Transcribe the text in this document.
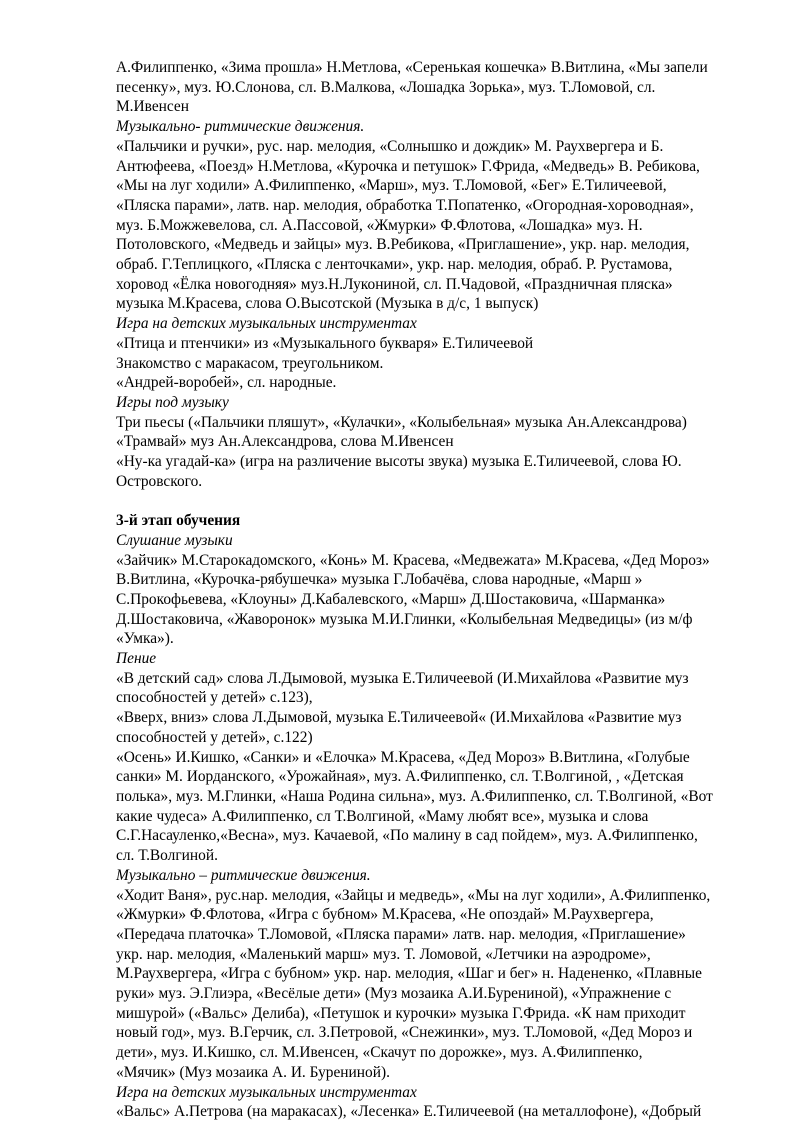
А.Филиппенко, «Зима прошла» Н.Метлова, «Серенькая кошечка» В.Витлина, «Мы запели
песенку», муз. Ю.Слонова, сл. В.Малкова, «Лошадка Зорька», муз. Т.Ломовой, сл.
М.Ивенсен
Музыкально- ритмические движения.
«Пальчики и ручки», рус. нар. мелодия, «Солнышко и дождик» М. Раухвергера и Б.
Антюфеева, «Поезд» Н.Метлова, «Курочка и петушок» Г.Фрида, «Медведь» В. Ребикова,
«Мы на луг ходили» А.Филиппенко, «Марш», муз. Т.Ломовой, «Бег» Е.Тиличеевой,
«Пляска парами», латв. нар. мелодия, обработка Т.Попатенко, «Огородная-хороводная»,
муз. Б.Можжевелова, сл. А.Пассовой, «Жмурки» Ф.Флотова, «Лошадка» муз. Н.
Потоловского, «Медведь и зайцы» муз. В.Ребикова, «Приглашение», укр. нар. мелодия,
обраб. Г.Теплицкого, «Пляска с ленточками», укр. нар. мелодия, обраб. Р. Рустамова,
хоровод «Ёлка новогодняя» муз.Н.Лукониной, сл. П.Чадовой, «Праздничная пляска»
музыка М.Красева, слова О.Высотской (Музыка в д/с, 1 выпуск)
Игра на детских музыкальных инструментах
«Птица и птенчики» из «Музыкального букваря» Е.Тиличеевой
Знакомство с маракасом, треугольником.
«Андрей-воробей», сл. народные.
Игры под музыку
Три пьесы («Пальчики пляшут», «Кулачки», «Колыбельная» музыка Ан.Александрова)
«Трамвай» муз Ан.Александрова, слова М.Ивенсен
«Ну-ка угадай-ка» (игра на различение высоты звука) музыка Е.Тиличеевой, слова Ю.
Островского.
3-й этап обучения
Слушание музыки
«Зайчик» М.Старокадомского, «Конь» М. Красева, «Медвежата» М.Красева, «Дед Мороз»
В.Витлина, «Курочка-рябушечка» музыка Г.Лобачёва, слова народные, «Марш »
С.Прокофьевева, «Клоуны» Д.Кабалевского, «Марш» Д.Шостаковича, «Шарманка»
Д.Шостаковича, «Жаворонок» музыка М.И.Глинки, «Колыбельная Медведицы» (из м/ф
«Умка»).
Пение
«В детский сад» слова Л.Дымовой, музыка Е.Тиличеевой (И.Михайлова «Развитие муз
способностей у детей» с.123),
«Вверх, вниз» слова Л.Дымовой, музыка Е.Тиличеевой« (И.Михайлова «Развитие муз
способностей у детей», с.122)
«Осень» И.Кишко, «Санки» и «Елочка» М.Красева, «Дед Мороз» В.Витлина, «Голубые
санки» М. Иорданского, «Урожайная», муз. А.Филиппенко, сл. Т.Волгиной, , «Детская
полька», муз. М.Глинки, «Наша Родина сильна», муз. А.Филиппенко, сл. Т.Волгиной, «Вот
какие чудеса» А.Филиппенко, сл Т.Волгиной, «Маму любят все», музыка и слова
С.Г.Насауленко,«Весна», муз. Качаевой, «По малину в сад пойдем», муз. А.Филиппенко,
сл. Т.Волгиной.
Музыкально – ритмические движения.
«Ходит Ваня», рус.нар. мелодия, «Зайцы и медведь», «Мы на луг ходили», А.Филиппенко,
«Жмурки» Ф.Флотова, «Игра с бубном» М.Красева, «Не опоздай» М.Раухвергера,
«Передача платочка» Т.Ломовой, «Пляска парами» латв. нар. мелодия, «Приглашение»
укр. нар. мелодия, «Маленький марш» муз. Т. Ломовой, «Летчики на аэродроме»,
М.Раухвергера, «Игра с бубном» укр. нар. мелодия, «Шаг и бег» н. Надененко, «Плавные
руки» муз. Э.Глиэра, «Весёлые дети» (Муз мозаика А.И.Бурениной), «Упражнение с
мишурой» («Вальс» Делиба), «Петушок и курочки» музыка Г.Фрида. «К нам приходит
новый год», муз. В.Герчик, сл. З.Петровой, «Снежинки», муз. Т.Ломовой, «Дед Мороз и
дети», муз. И.Кишко, сл. М.Ивенсен, «Скачут по дорожке», муз. А.Филиппенко,
«Мячик» (Муз мозаика А. И. Бурениной).
Игра на детских музыкальных инструментах
«Вальс» А.Петрова (на маракасах), «Лесенка» Е.Тиличеевой (на металлофоне), «Добрый
